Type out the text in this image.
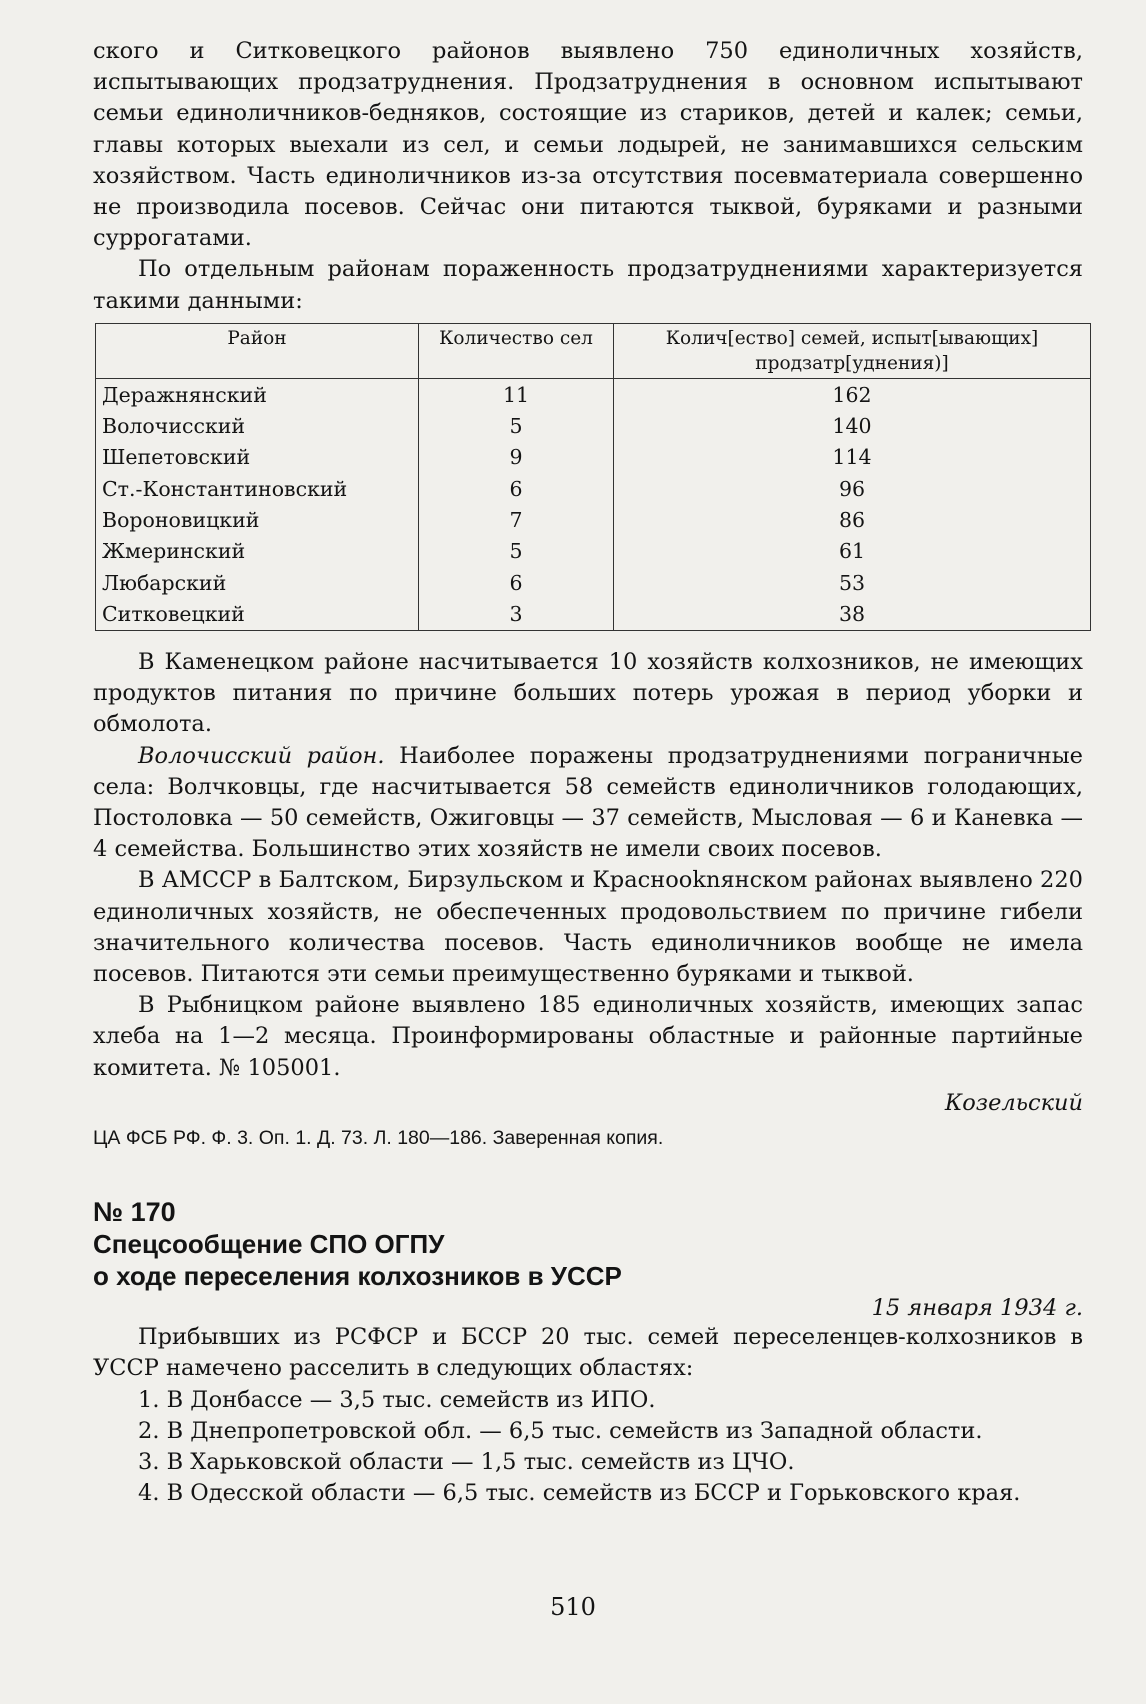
ского и Ситковецкого районов выявлено 750 единоличных хозяйств, испытывающих продзатруднения. Продзатруднения в основном испытывают семьи единоличников-бедняков, состоящие из стариков, детей и калек; семьи, главы которых выехали из сел, и семьи лодырей, не занимавшихся сельским хозяйством. Часть единоличников из-за отсутствия посевматериала совершенно не производила посевов. Сейчас они питаются тыквой, буряками и разными суррогатами.

По отдельным районам пораженность продзатруднениями характеризуется такими данными:

Район	Количество сел	Колич[ество] семей, испыт[ывающих] продзатр[уднения)]
Деражнянский	11	162
Волочисский	5	140
Шепетовский	9	114
Ст.-Константиновский	6	96
Вороновицкий	7	86
Жмеринский	5	61
Любарский	6	53
Ситковецкий	3	38

В Каменецком районе насчитывается 10 хозяйств колхозников, не имеющих продуктов питания по причине больших потерь урожая в период уборки и обмолота.

Волочисский район. Наиболее поражены продзатруднениями пограничные села: Волчковцы, где насчитывается 58 семейств единоличников голодающих, Постоловка — 50 семейств, Ожиговцы — 37 семейств, Мысловая — 6 и Каневка — 4 семейства. Большинство этих хозяйств не имели своих посевов.

В АМССР в Балтском, Бирзульском и Краснооknянском районах выявлено 220 единоличных хозяйств, не обеспеченных продовольствием по причине гибели значительного количества посевов. Часть единоличников вообще не имела посевов. Питаются эти семьи преимущественно буряками и тыквой.

В Рыбницком районе выявлено 185 единоличных хозяйств, имеющих запас хлеба на 1—2 месяца. Проинформированы областные и районные партийные комитета. № 105001.

Козельский

ЦА ФСБ РФ. Ф. 3. Оп. 1. Д. 73. Л. 180—186. Заверенная копия.

№ 170

Спецсообщение СПО ОГПУ

о ходе переселения колхозников в УССР

15 января 1934 г.

Прибывших из РСФСР и БССР 20 тыс. семей переселенцев-колхозников в УССР намечено расселить в следующих областях:

1. В Донбассе — 3,5 тыс. семейств из ИПО.
2. В Днепропетровской обл. — 6,5 тыс. семейств из Западной области.
3. В Харьковской области — 1,5 тыс. семейств из ЦЧО.
4. В Одесской области — 6,5 тыс. семейств из БССР и Горьковского края.
510
